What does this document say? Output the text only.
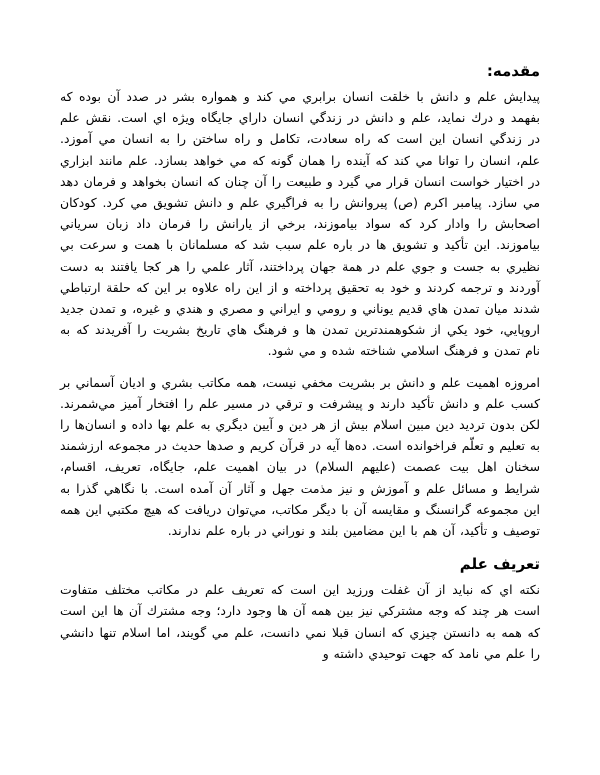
مقدمه:

پيدايش علم و دانش با خلقت انسان برابري مي كند و همواره بشر در صدد آن بوده كه بفهمد و درك نمايد، علم و دانش در زندگي انسان داراي جايگاه ويژه اي است. نقش علم در زندگي انسان اين است كه راه سعادت، تكامل و راه ساختن را به انسان مي آموزد. علم، انسان را توانا مي كند كه آينده را همان گونه كه مي خواهد بسازد. علم مانند ابزاري در اختيار خواست انسان قرار مي گيرد و طبيعت را آن چنان كه انسان بخواهد و فرمان دهد مي سازد. پيامبر اكرم (ص) پيروانش را به فراگيري علم و دانش تشويق مي كرد. كودكان اصحابش را وادار كرد كه سواد بياموزند، برخي از يارانش را فرمان داد زبان سرياني بياموزند. اين تأكيد و تشويق ها در باره علم سبب شد كه مسلمانان با همت و سرعت بي نظيري به جست و جوي علم در همة جهان پرداختند، آثار علمي را هر كجا يافتند به دست آوردند و ترجمه كردند و خود به تحقيق پرداخته و از اين راه علاوه بر اين كه حلقة ارتباطي شدند ميان تمدن هاي قديم يوناني و رومي و ايراني و مصري و هندي و غيره، و تمدن جديد اروپايي، خود يكي از شكوهمندترين تمدن ها و فرهنگ هاي تاريخ بشريت را آفريدند كه به نام تمدن و فرهنگ اسلامي شناخته شده و مي شود.

امروزه اهميت علم و دانش بر بشريت مخفي نيست، همه مكاتب بشري و اديان آسماني بر كسب علم و دانش تأكيد دارند و پيشرفت و ترقي در مسير علم را افتخار آميز مي‌شمرند. لكن بدون ترديد دين مبين اسلام بيش از هر دين و آيين ديگري به علم بها داده و انسان‌ها را به تعليم و تعلّم فراخوانده است. ده‌ها آيه در قرآن كريم و صدها حديث در مجموعه ارزشمند سخنان اهل بيت عصمت (عليهم السلام) در بيان اهميت علم، جايگاه، تعريف، اقسام، شرايط و مسائل علم و آموزش و نيز مذمت جهل و آثار آن آمده است. با نگاهي گذرا به اين مجموعه گرانسنگ و مقايسه آن با ديگر مكاتب، مي‌توان دريافت كه هيچ مكتبي اين همه توصيف و تأكيد، آن هم با اين مضامين بلند و نوراني در باره علم ندارند.

تعريف علم

نكته اي كه نبايد از آن غفلت ورزيد اين است كه تعريف علم در مكاتب مختلف متفاوت است هر چند كه وجه مشتركي نيز بين همه آن ها وجود دارد؛ وجه مشترك آن ها اين است كه همه به دانستن چيزي كه انسان قبلا نمي دانست، علم مي گويند، اما اسلام تنها دانشي را علم مي نامد كه جهت توحيدي داشته و
